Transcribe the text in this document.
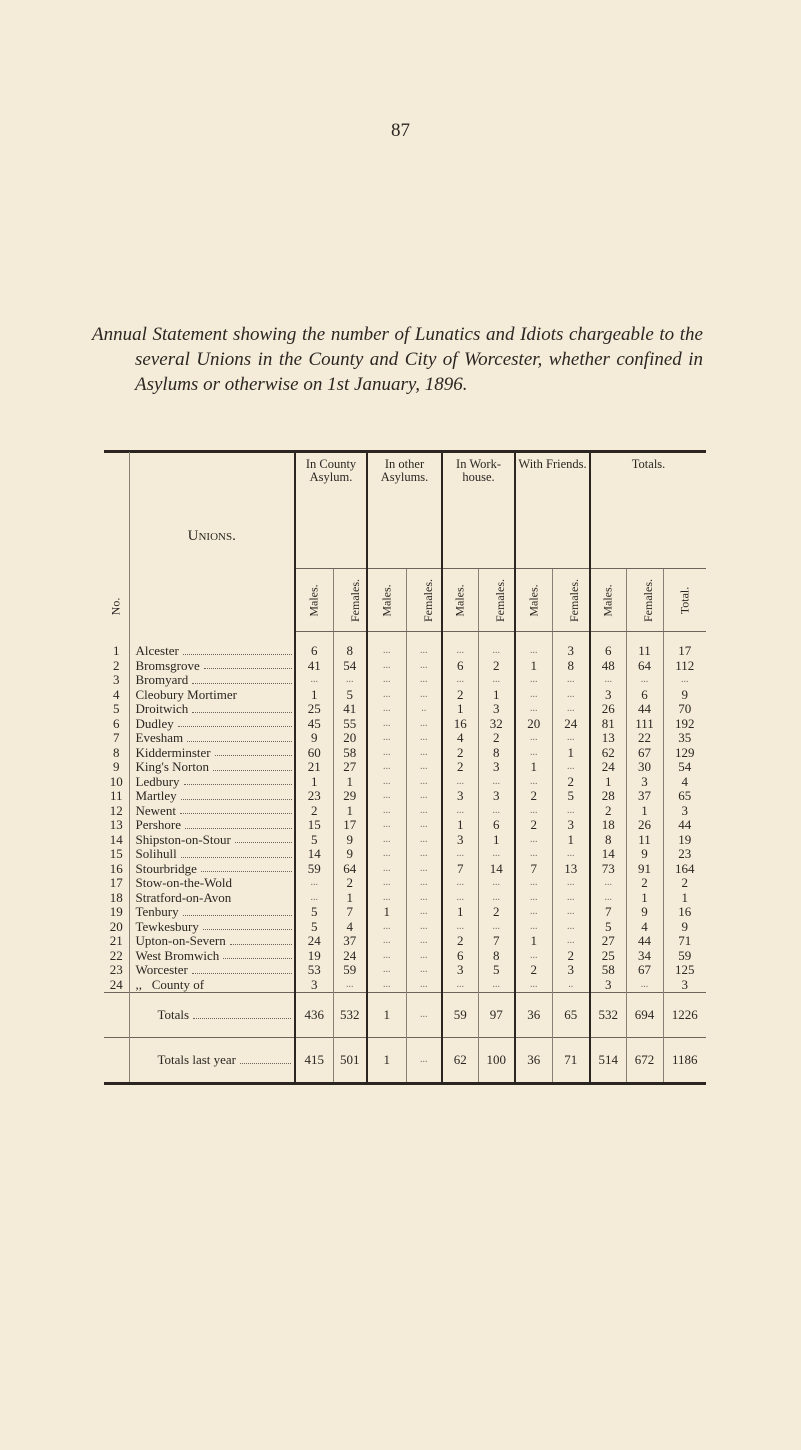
87
Annual Statement showing the number of Lunatics and Idiots chargeable to the several Unions in the County and City of Worcester, whether confined in Asylums or otherwise on 1st January, 1896.
No.	Unions.	In County Asylum.		In other Asylums.		In Work-house.		With Friends.		Totals.		
		Males.	Females.	Males.	Females.	Males.	Females.	Males.	Females.	Males.	Females.	Total.
1	Alcester	6	8	...	...	...	...	...	3	6	11	17
2	Bromsgrove	41	54	...	...	6	2	1	8	48	64	112
3	Bromyard	...	...	...	...	...	...	...	...	...	...	...
4	Cleobury Mortimer	1	5	...	...	2	1	...	...	3	6	9
5	Droitwich	25	41	...	..	1	3	...	...	26	44	70
6	Dudley	45	55	...	...	16	32	20	24	81	111	192
7	Evesham	9	20	...	...	4	2	...	...	13	22	35
8	Kidderminster	60	58	...	...	2	8	...	1	62	67	129
9	King's Norton	21	27	...	...	2	3	1	...	24	30	54
10	Ledbury	1	1	...	...	...	...	...	2	1	3	4
11	Martley	23	29	...	...	3	3	2	5	28	37	65
12	Newent	2	1	...	...	...	...	...	...	2	1	3
13	Pershore	15	17	...	...	1	6	2	3	18	26	44
14	Shipston-on-Stour	5	9	...	...	3	1	...	1	8	11	19
15	Solihull	14	9	...	...	...	...	...	...	14	9	23
16	Stourbridge	59	64	...	...	7	14	7	13	73	91	164
17	Stow-on-the-Wold	...	2	...	...	...	...	...	...	...	2	2
18	Stratford-on-Avon	...	1	...	...	...	...	...	...	...	1	1
19	Tenbury	5	7	1	...	1	2	...	...	7	9	16
20	Tewkesbury	5	4	...	...	...	...	...	...	5	4	9
21	Upton-on-Severn	24	37	...	...	2	7	1	...	27	44	71
22	West Bromwich	19	24	...	...	6	8	...	2	25	34	59
23	Worcester	53	59	...	...	3	5	2	3	58	67	125
24	,,   County of	3	...	...	...	...	...	...	..	3	...	3

	Totals	436	532	1	...	59	97	36	65	532	694	1226

	Totals last year	415	501	1	...	62	100	36	71	514	672	1186
